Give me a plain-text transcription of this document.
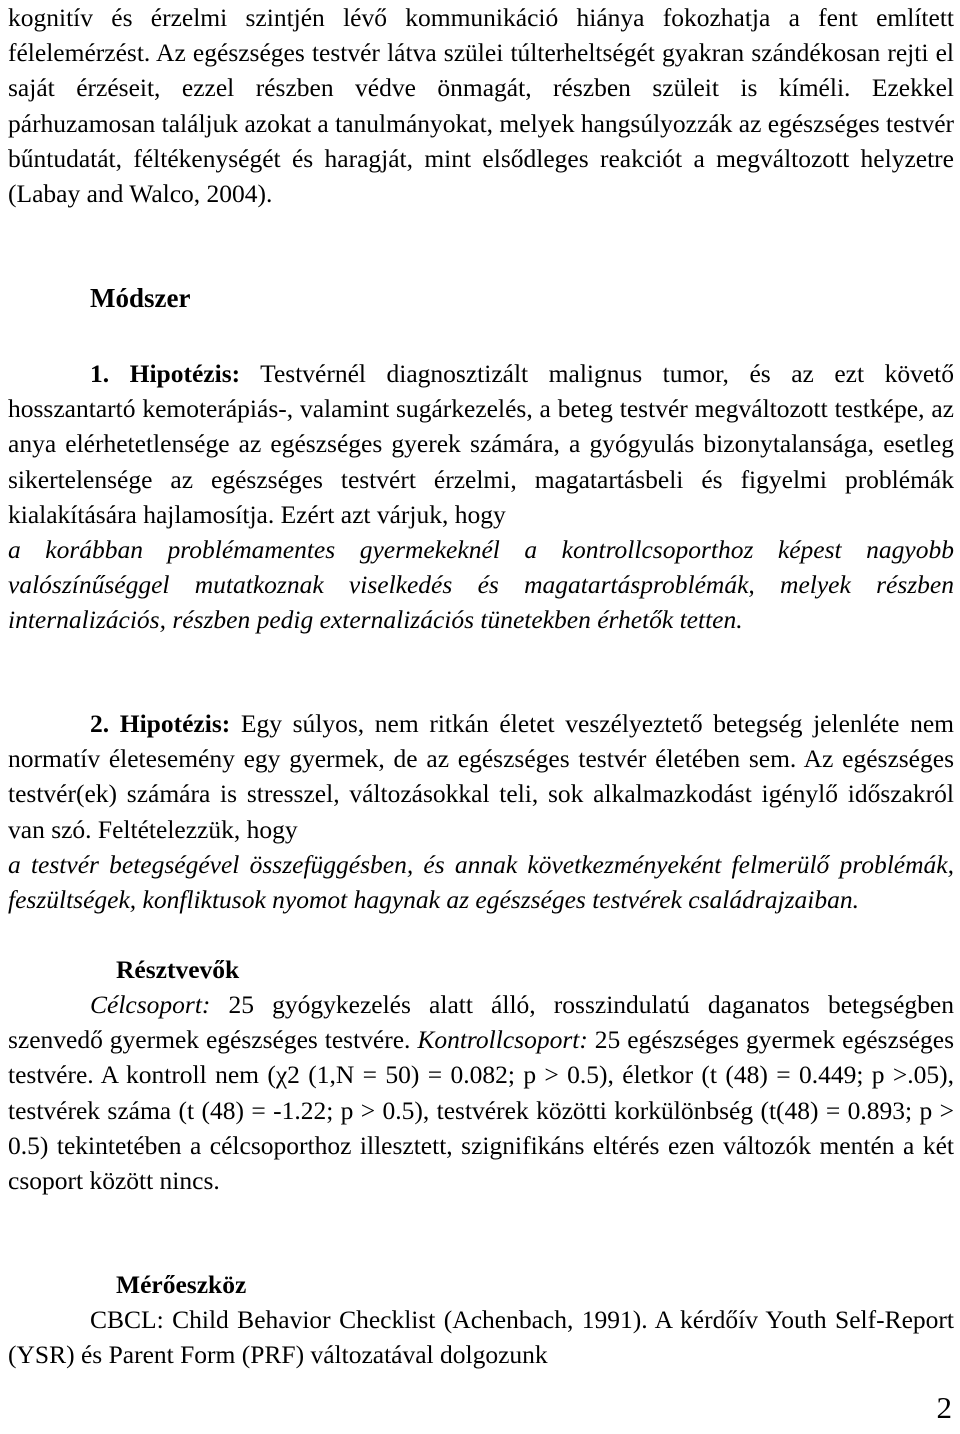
kognitív és érzelmi szintjén lévő kommunikáció hiánya fokozhatja a fent említett félelemérzést. Az egészséges testvér látva szülei túlterheltségét gyakran szándékosan rejti el saját érzéseit, ezzel részben védve önmagát, részben szüleit is kíméli. Ezekkel párhuzamosan találjuk azokat a tanulmányokat, melyek hangsúlyozzák az egészséges testvér bűntudatát, féltékenységét és haragját, mint elsődleges reakciót a megváltozott helyzetre (Labay and Walco, 2004).

Módszer

1. Hipotézis: Testvérnél diagnosztizált malignus tumor, és az ezt követő hosszantartó kemoterápiás-, valamint sugárkezelés, a beteg testvér megváltozott testképe, az anya elérhetetlensége az egészséges gyerek számára, a gyógyulás bizonytalansága, esetleg sikertelensége az egészséges testvért érzelmi, magatartásbeli és figyelmi problémák kialakítására hajlamosítja. Ezért azt várjuk, hogy

a korábban problémamentes gyermekeknél a kontrollcsoporthoz képest nagyobb valószínűséggel mutatkoznak viselkedés és magatartásproblémák, melyek részben internalizációs, részben pedig externalizációs tünetekben érhetők tetten.

2. Hipotézis: Egy súlyos, nem ritkán életet veszélyeztető betegség jelenléte nem normatív életesemény egy gyermek, de az egészséges testvér életében sem. Az egészséges testvér(ek) számára is stresszel, változásokkal teli, sok alkalmazkodást igénylő időszakról van szó. Feltételezzük, hogy

a testvér betegségével összefüggésben, és annak következményeként felmerülő problémák, feszültségek, konfliktusok nyomot hagynak az egészséges testvérek családrajzaiban.

Résztvevők

Célcsoport: 25 gyógykezelés alatt álló, rosszindulatú daganatos betegségben szenvedő gyermek egészséges testvére. Kontrollcsoport: 25 egészséges gyermek egészséges testvére. A kontroll nem (χ2 (1,N = 50) = 0.082; p > 0.5), életkor (t (48) = 0.449; p >.05), testvérek száma (t (48) = -1.22; p > 0.5), testvérek közötti korkülönbség (t(48) = 0.893; p > 0.5) tekintetében a célcsoporthoz illesztett, szignifikáns eltérés ezen változók mentén a két csoport között nincs.

Mérőeszköz

CBCL: Child Behavior Checklist (Achenbach, 1991). A kérdőív Youth Self-Report (YSR) és Parent Form (PRF) változatával dolgozunk

2
